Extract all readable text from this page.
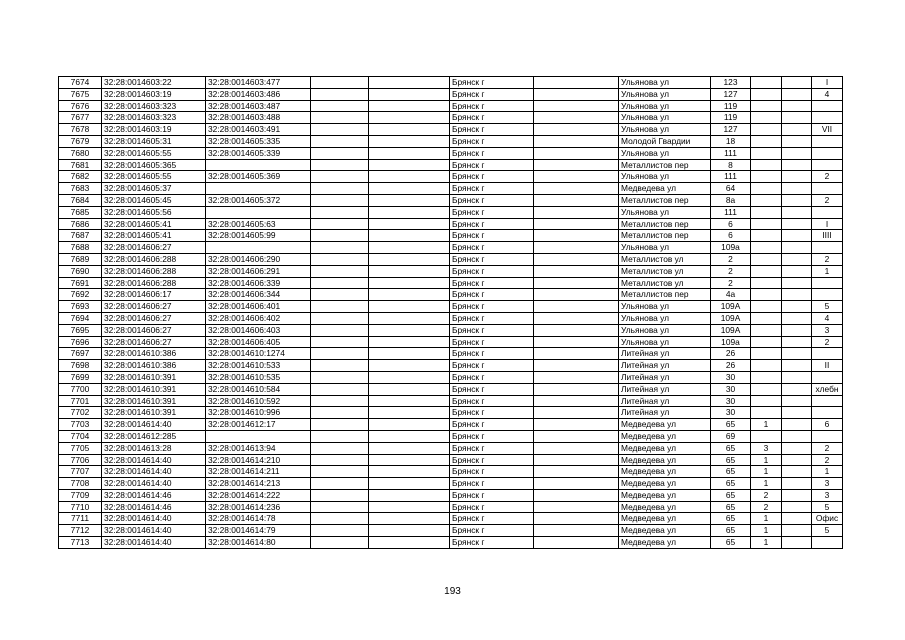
7674	32:28:0014603:22	32:28:0014603:477			Брянск г		Ульянова ул	123			I
7675	32:28:0014603:19	32:28:0014603:486			Брянск г		Ульянова ул	127			4
7676	32:28:0014603:323	32:28:0014603:487			Брянск г		Ульянова ул	119			
7677	32:28:0014603:323	32:28:0014603:488			Брянск г		Ульянова ул	119			
7678	32:28:0014603:19	32:28:0014603:491			Брянск г		Ульянова ул	127			VII
7679	32:28:0014605:31	32:28:0014605:335			Брянск г		Молодой Гвардии	18			
7680	32:28:0014605:55	32:28:0014605:339			Брянск г		Ульянова ул	111			
7681	32:28:0014605:365				Брянск г		Металлистов пер	8			
7682	32:28:0014605:55	32:28:0014605:369			Брянск г		Ульянова ул	111			2
7683	32:28:0014605:37				Брянск г		Медведева ул	64			
7684	32:28:0014605:45	32:28:0014605:372			Брянск г		Металлистов пер	8а			2
7685	32:28:0014605:56				Брянск г		Ульянова ул	111			
7686	32:28:0014605:41	32:28:0014605:63			Брянск г		Металлистов пер	6			I
7687	32:28:0014605:41	32:28:0014605:99			Брянск г		Металлистов пер	6			IIII
7688	32:28:0014606:27				Брянск г		Ульянова ул	109а			
7689	32:28:0014606:288	32:28:0014606:290			Брянск г		Металлистов ул	2			2
7690	32:28:0014606:288	32:28:0014606:291			Брянск г		Металлистов ул	2			1
7691	32:28:0014606:288	32:28:0014606:339			Брянск г		Металлистов ул	2			
7692	32:28:0014606:17	32:28:0014606:344			Брянск г		Металлистов пер	4а			
7693	32:28:0014606:27	32:28:0014606:401			Брянск г		Ульянова ул	109А			5
7694	32:28:0014606:27	32:28:0014606:402			Брянск г		Ульянова ул	109А			4
7695	32:28:0014606:27	32:28:0014606:403			Брянск г		Ульянова ул	109А			3
7696	32:28:0014606:27	32:28:0014606:405			Брянск г		Ульянова ул	109а			2
7697	32:28:0014610:386	32:28:0014610:1274			Брянск г		Литейная ул	26			
7698	32:28:0014610:386	32:28:0014610:533			Брянск г		Литейная ул	26			II
7699	32:28:0014610:391	32:28:0014610:535			Брянск г		Литейная ул	30			
7700	32:28:0014610:391	32:28:0014610:584			Брянск г		Литейная ул	30			хлебн
7701	32:28:0014610:391	32:28:0014610:592			Брянск г		Литейная ул	30			
7702	32:28:0014610:391	32:28:0014610:996			Брянск г		Литейная ул	30			
7703	32:28:0014614:40	32:28:0014612:17			Брянск г		Медведева ул	65	1		6
7704	32:28:0014612:285				Брянск г		Медведева ул	69			
7705	32:28:0014613:28	32:28:0014613:94			Брянск г		Медведева ул	65	3		2
7706	32:28:0014614:40	32:28:0014614:210			Брянск г		Медведева ул	65	1		2
7707	32:28:0014614:40	32:28:0014614:211			Брянск г		Медведева ул	65	1		1
7708	32:28:0014614:40	32:28:0014614:213			Брянск г		Медведева ул	65	1		3
7709	32:28:0014614:46	32:28:0014614:222			Брянск г		Медведева ул	65	2		3
7710	32:28:0014614:46	32:28:0014614:236			Брянск г		Медведева ул	65	2		5
7711	32:28:0014614:40	32:28:0014614:78			Брянск г		Медведева ул	65	1		Офис
7712	32:28:0014614:40	32:28:0014614:79			Брянск г		Медведева ул	65	1		5
7713	32:28:0014614:40	32:28:0014614:80			Брянск г		Медведева ул	65	1		
193
